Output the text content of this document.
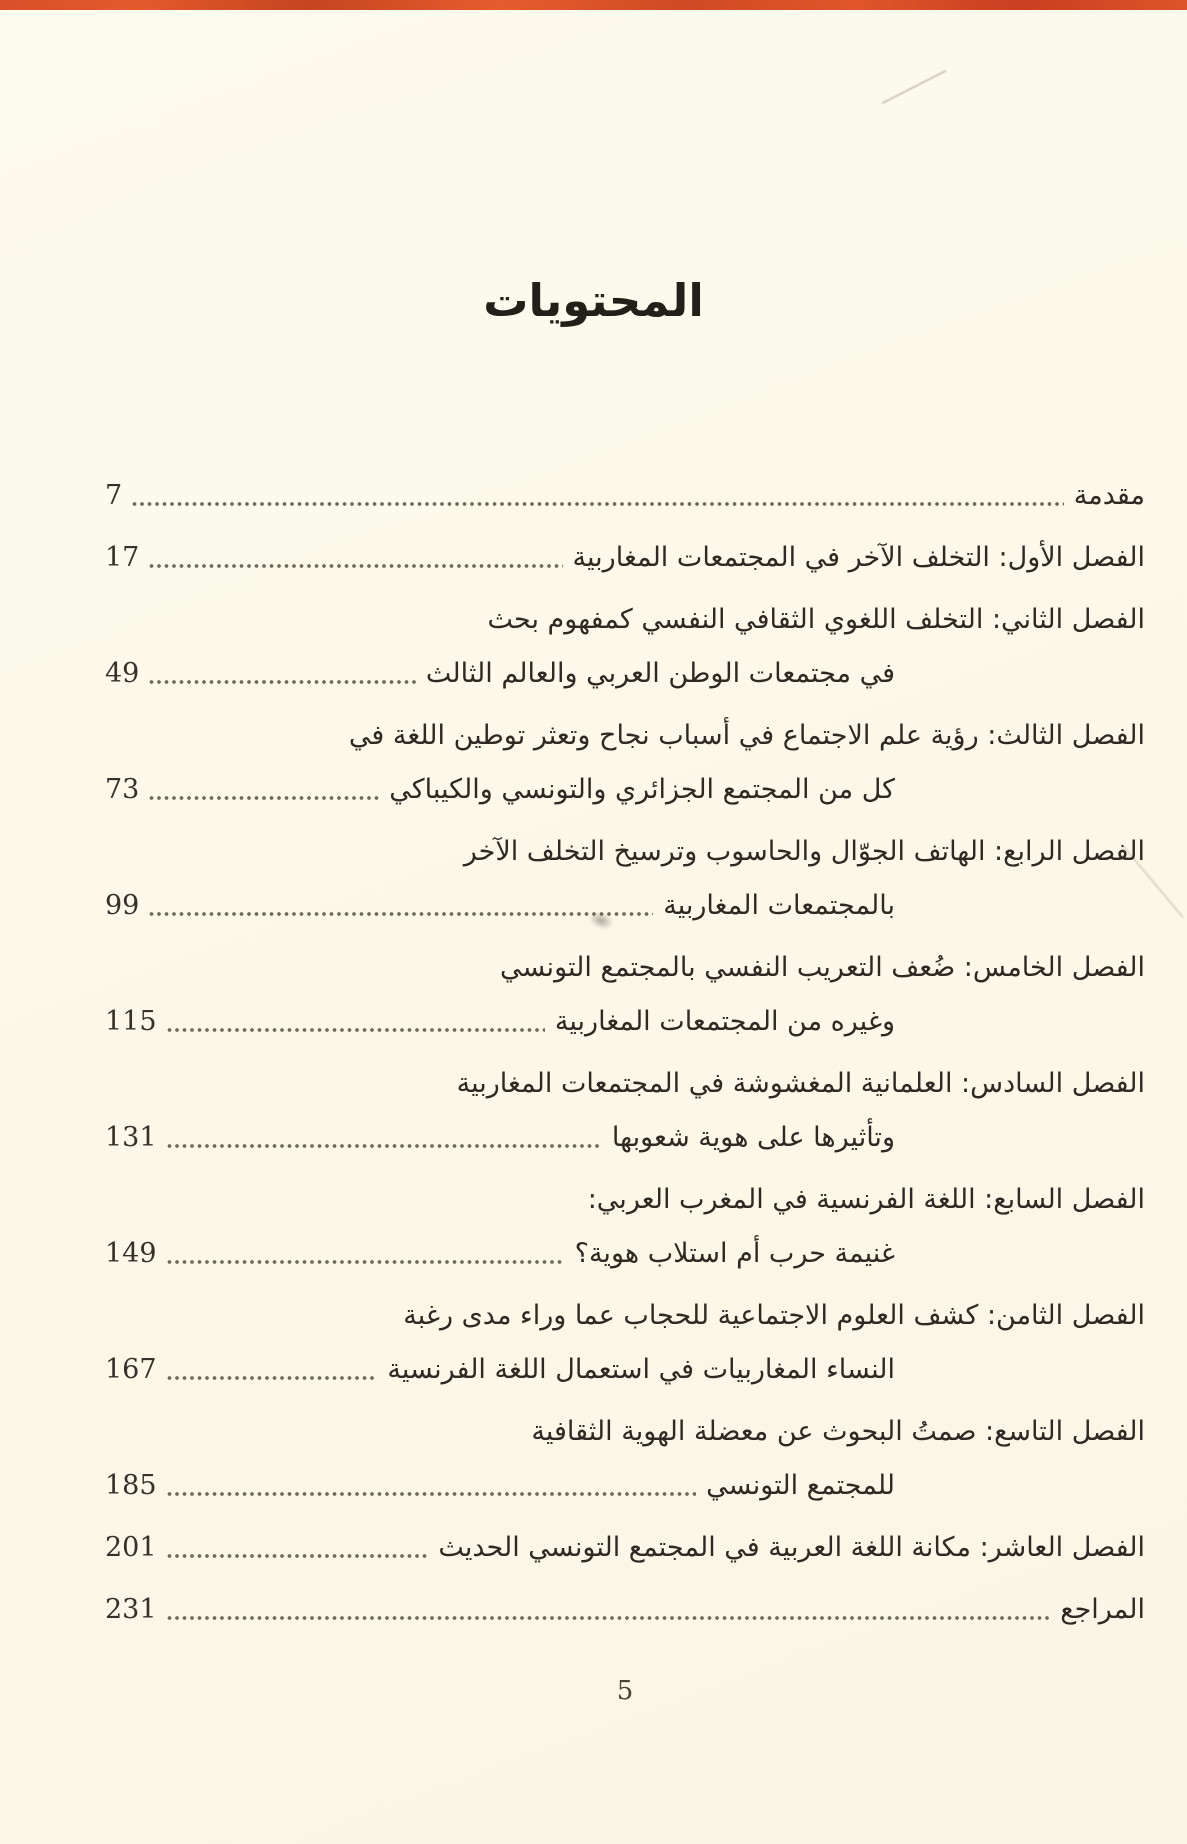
المحتويات
مقدمة
7
الفصل الأول: التخلف الآخر في المجتمعات المغاربية
17
الفصل الثاني: التخلف اللغوي الثقافي النفسي كمفهوم بحث
في مجتمعات الوطن العربي والعالم الثالث
49
الفصل الثالث: رؤية علم الاجتماع في أسباب نجاح وتعثر توطين اللغة في
كل من المجتمع الجزائري والتونسي والكيباكي
73
الفصل الرابع: الهاتف الجوّال والحاسوب وترسيخ التخلف الآخر
بالمجتمعات المغاربية
99
الفصل الخامس: ضُعف التعريب النفسي بالمجتمع التونسي
وغيره من المجتمعات المغاربية
115
الفصل السادس: العلمانية المغشوشة في المجتمعات المغاربية
وتأثيرها على هوية شعوبها
131
الفصل السابع: اللغة الفرنسية في المغرب العربي:
غنيمة حرب أم استلاب هوية؟
149
الفصل الثامن: كشف العلوم الاجتماعية للحجاب عما وراء مدى رغبة
النساء المغاربيات في استعمال اللغة الفرنسية
167
الفصل التاسع: صمتُ البحوث عن معضلة الهوية الثقافية
للمجتمع التونسي
185
الفصل العاشر: مكانة اللغة العربية في المجتمع التونسي الحديث
201
المراجع
231
5
